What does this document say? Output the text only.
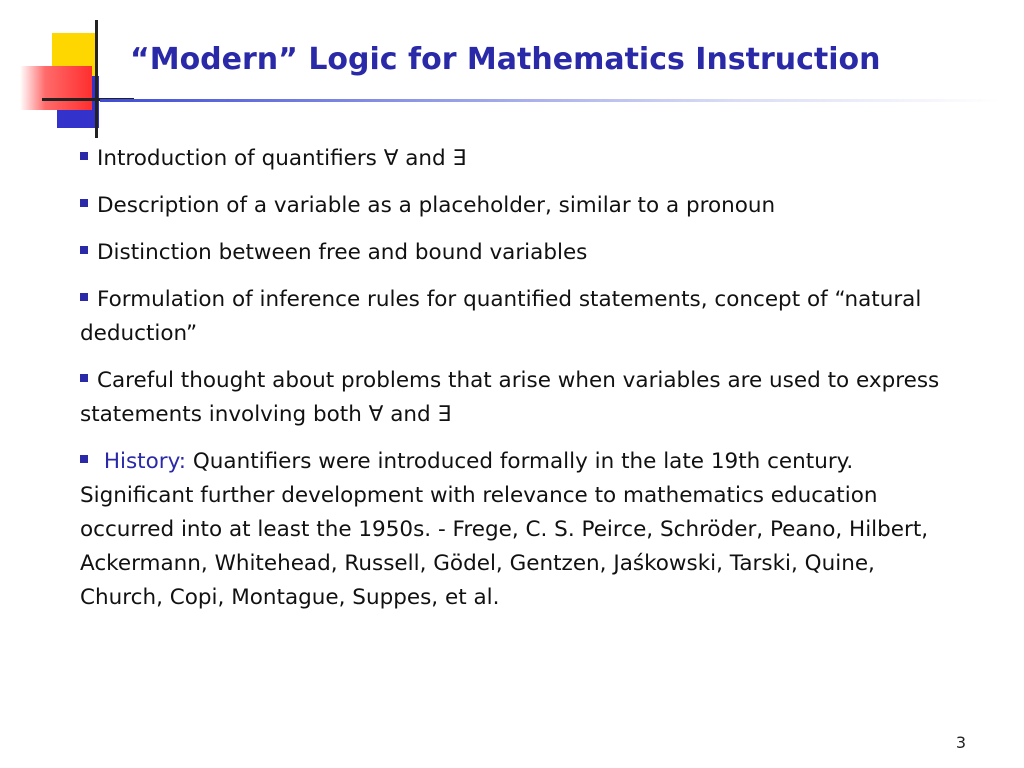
“Modern” Logic for Mathematics Instruction
Introduction of quantifiers ∀ and ∃
Description of a variable as a placeholder, similar to a pronoun
Distinction between free and bound variables
Formulation of inference rules for quantified statements, concept of “natural deduction”
Careful thought about problems that arise when variables are used to express statements involving both ∀ and ∃
History: Quantifiers were introduced formally in the late 19th century. Significant further development with relevance to mathematics education occurred into at least the 1950s. - Frege, C. S. Peirce, Schröder, Peano, Hilbert, Ackermann, Whitehead, Russell, Gödel, Gentzen, Jaśkowski, Tarski, Quine, Church, Copi, Montague, Suppes, et al.
3
